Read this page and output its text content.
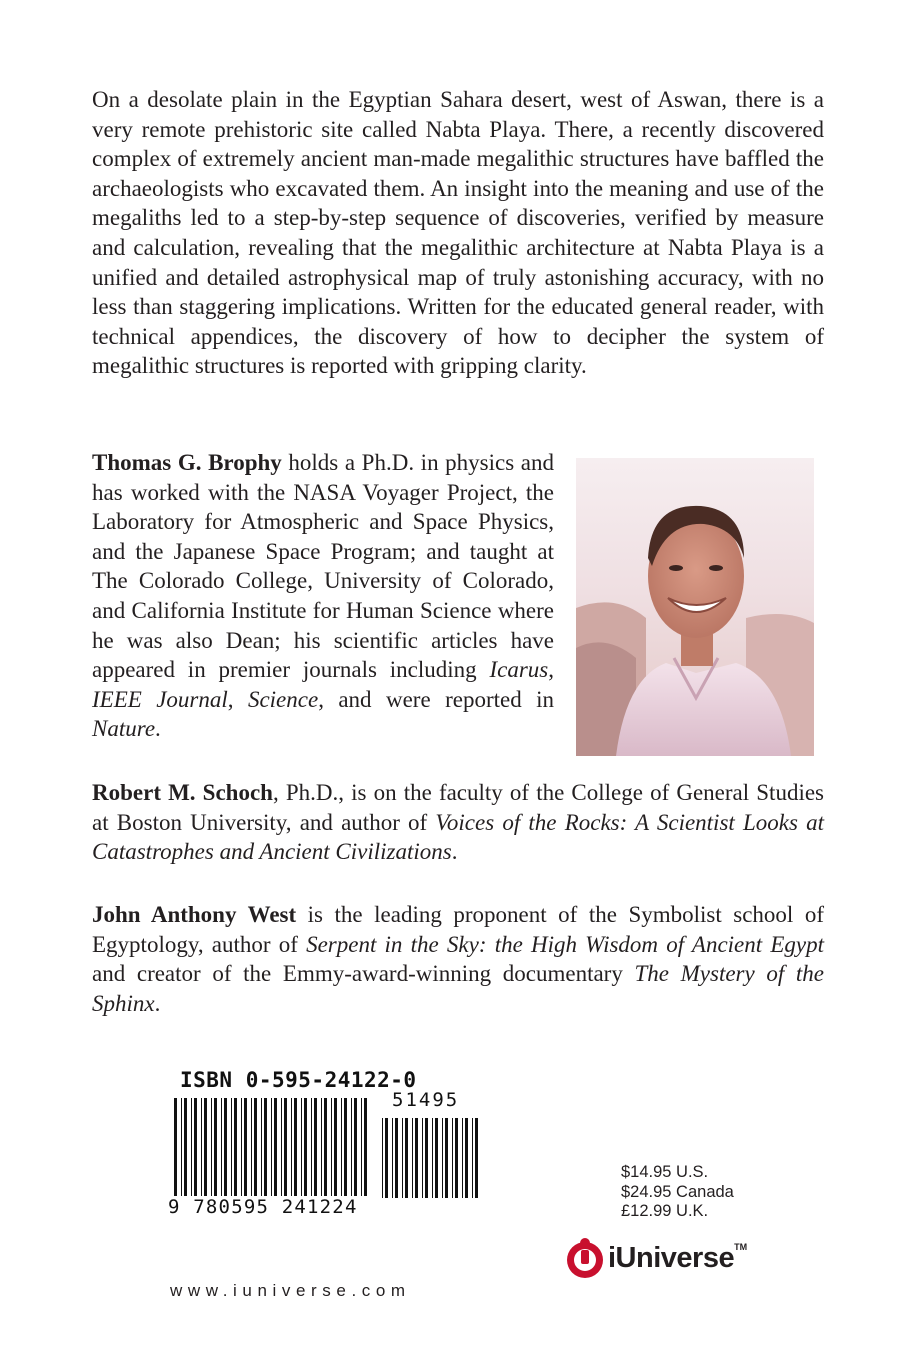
On a desolate plain in the Egyptian Sahara desert, west of Aswan, there is a very remote prehistoric site called Nabta Playa. There, a recently discovered complex of extremely ancient man-made megalithic structures have baffled the archaeologists who excavated them. An insight into the meaning and use of the megaliths led to a step-by-step sequence of discoveries, verified by measure and calculation, revealing that the megalithic architecture at Nabta Playa is a unified and detailed astrophysical map of truly astonishing accuracy, with no less than staggering implications. Written for the educated general reader, with technical appendices, the discovery of how to decipher the system of megalithic structures is reported with gripping clarity.

Thomas G. Brophy holds a Ph.D. in physics and has worked with the NASA Voyager Project, the Laboratory for Atmospheric and Space Physics, and the Japanese Space Program; and taught at The Colorado College, University of Colorado, and California Institute for Human Science where he was also Dean; his scientific articles have appeared in premier journals including Icarus, IEEE Journal, Science, and were reported in Nature.

Robert M. Schoch, Ph.D., is on the faculty of the College of General Studies at Boston University, and author of Voices of the Rocks: A Scientist Looks at Catastrophes and Ancient Civilizations.

John Anthony West is the leading proponent of the Symbolist school of Egyptology, author of Serpent in the Sky: the High Wisdom of Ancient Egypt and creator of the Emmy-award-winning documentary The Mystery of the Sphinx.

ISBN 0-595-24122-0
51495
9 780595 241224
$14.95 U.S.
$24.95 Canada
£12.99 U.K.
iUniverse TM
www.iuniverse.com
